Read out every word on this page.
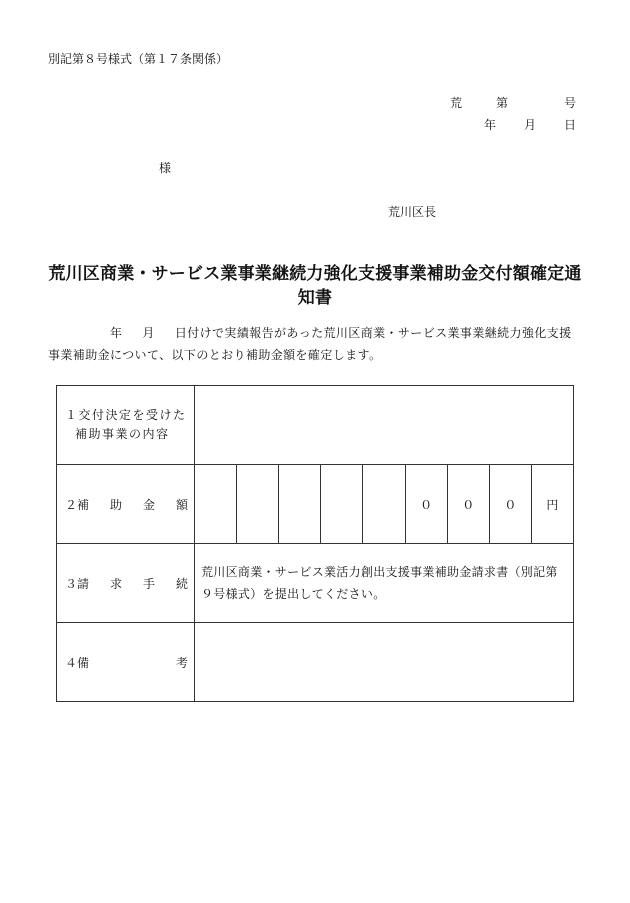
別記第８号様式（第１７条関係）
荒	第	号
年 月 日
様
荒川区長
荒川区商業・サービス業事業継続力強化支援事業補助金交付額確定通知書
年 月 日付けで実績報告があった荒川区商業・サービス業事業継続力強化支援事業補助金について、以下のとおり補助金額を確定します。
１交付決定を受けた
補助事業の内容									

２補 助 金 額						０	０	０	円

３請 求 手 続	荒川区商業・サービス業活力創出支援事業補助金請求書（別記第９号様式）を提出してください。								

４備 考									
